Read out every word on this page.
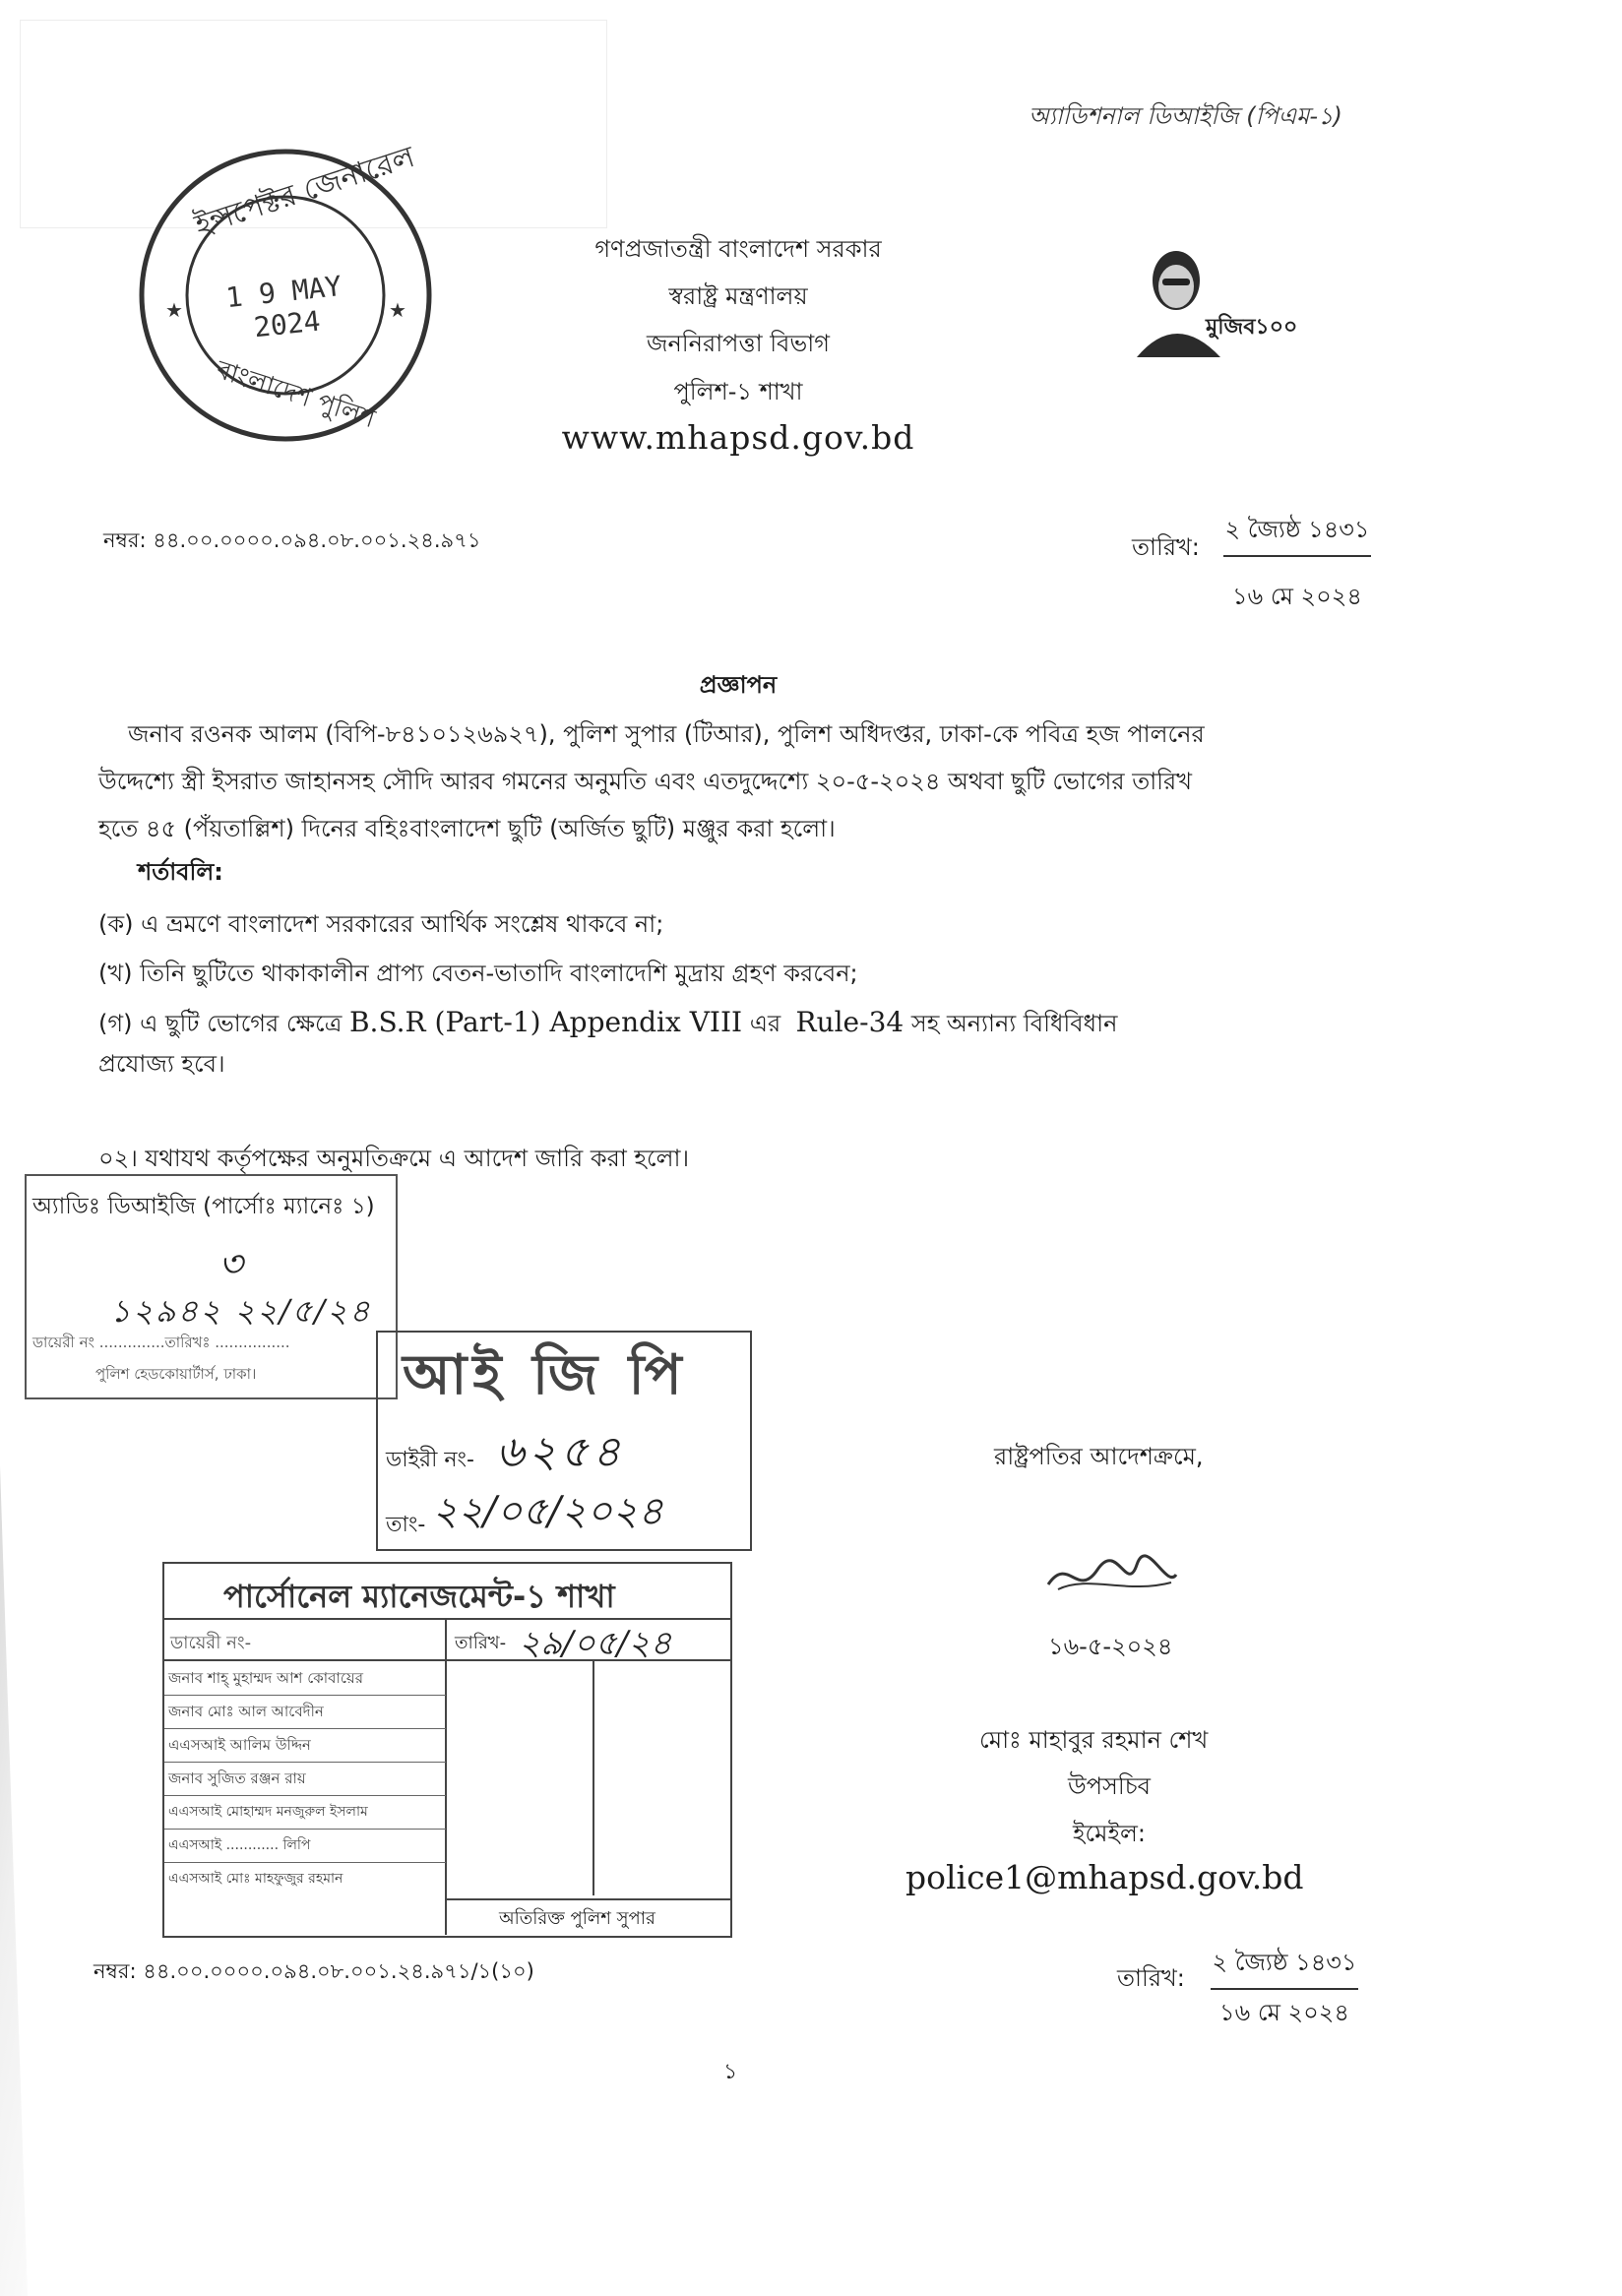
অ্যাডিশনাল ডিআইজি (পিএম-১)
★	★
ইন্সপেক্টর জেনারেল
1 9 MAY 2024
বাংলাদেশ পুলিশ
গণপ্রজাতন্ত্রী বাংলাদেশ সরকার
স্বরাষ্ট্র মন্ত্রণালয়
জননিরাপত্তা বিভাগ
পুলিশ-১ শাখা
www.mhapsd.gov.bd
মুজিব১০০
নম্বর: ৪৪.০০.০০০০.০৯৪.০৮.০০১.২৪.৯৭১	তারিখ:
২ জ্যৈষ্ঠ ১৪৩১
১৬ মে ২০২৪
প্রজ্ঞাপন
জনাব রওনক আলম (বিপি-৮৪১০১২৬৯২৭), পুলিশ সুপার (টিআর), পুলিশ অধিদপ্তর, ঢাকা-কে পবিত্র হজ পালনের
উদ্দেশ্যে স্ত্রী ইসরাত জাহানসহ সৌদি আরব গমনের অনুমতি এবং এতদুদ্দেশ্যে ২০-৫-২০২৪ অথবা ছুটি ভোগের তারিখ
হতে ৪৫ (পঁয়তাল্লিশ) দিনের বহিঃবাংলাদেশ ছুটি (অর্জিত ছুটি) মঞ্জুর করা হলো।
শর্তাবলি:
(ক) এ ভ্রমণে বাংলাদেশ সরকারের আর্থিক সংশ্লেষ থাকবে না;
(খ) তিনি ছুটিতে থাকাকালীন প্রাপ্য বেতন-ভাতাদি বাংলাদেশি মুদ্রায় গ্রহণ করবেন;
(গ) এ ছুটি ভোগের ক্ষেত্রে B.S.R (Part-1) Appendix VIII এর Rule-34 সহ অন্যান্য বিধিবিধান
প্রযোজ্য হবে।
০২। যথাযথ কর্তৃপক্ষের অনুমতিক্রমে এ আদেশ জারি করা হলো।
অ্যাডিঃ ডিআইজি (পার্সোঃ ম্যানেঃ ১)
৩
১২৯৪২ ২২/৫/২৪
ডায়েরী নং ..............তারিখঃ ................
পুলিশ হেডকোয়ার্টার্স, ঢাকা।	আই জি পি
ডাইরী নং- ৬২৫৪
তাং- ২২/০৫/২০২৪
পার্সোনেল ম্যানেজমেন্ট-১ শাখা
ডায়েরী নং-	তারিখ- ২৯/০৫/২৪
জনাব শাহ্ মুহাম্মদ আশ কোবায়ের
জনাব মোঃ আল আবেদীন
এএসআই আলিম উদ্দিন
জনাব সুজিত রঞ্জন রায়
এএসআই মোহাম্মদ মনজুরুল ইসলাম
এএসআই ............ লিপি
এএসআই মোঃ মাহফুজুর রহমান
অতিরিক্ত পুলিশ সুপার
রাষ্ট্রপতির আদেশক্রমে,
১৬-৫-২০২৪
মোঃ মাহাবুর রহমান শেখ
উপসচিব
ইমেইল:
police1@mhapsd.gov.bd
নম্বর: ৪৪.০০.০০০০.০৯৪.০৮.০০১.২৪.৯৭১/১(১০)	তারিখ:
২ জ্যৈষ্ঠ ১৪৩১
১৬ মে ২০২৪
১
